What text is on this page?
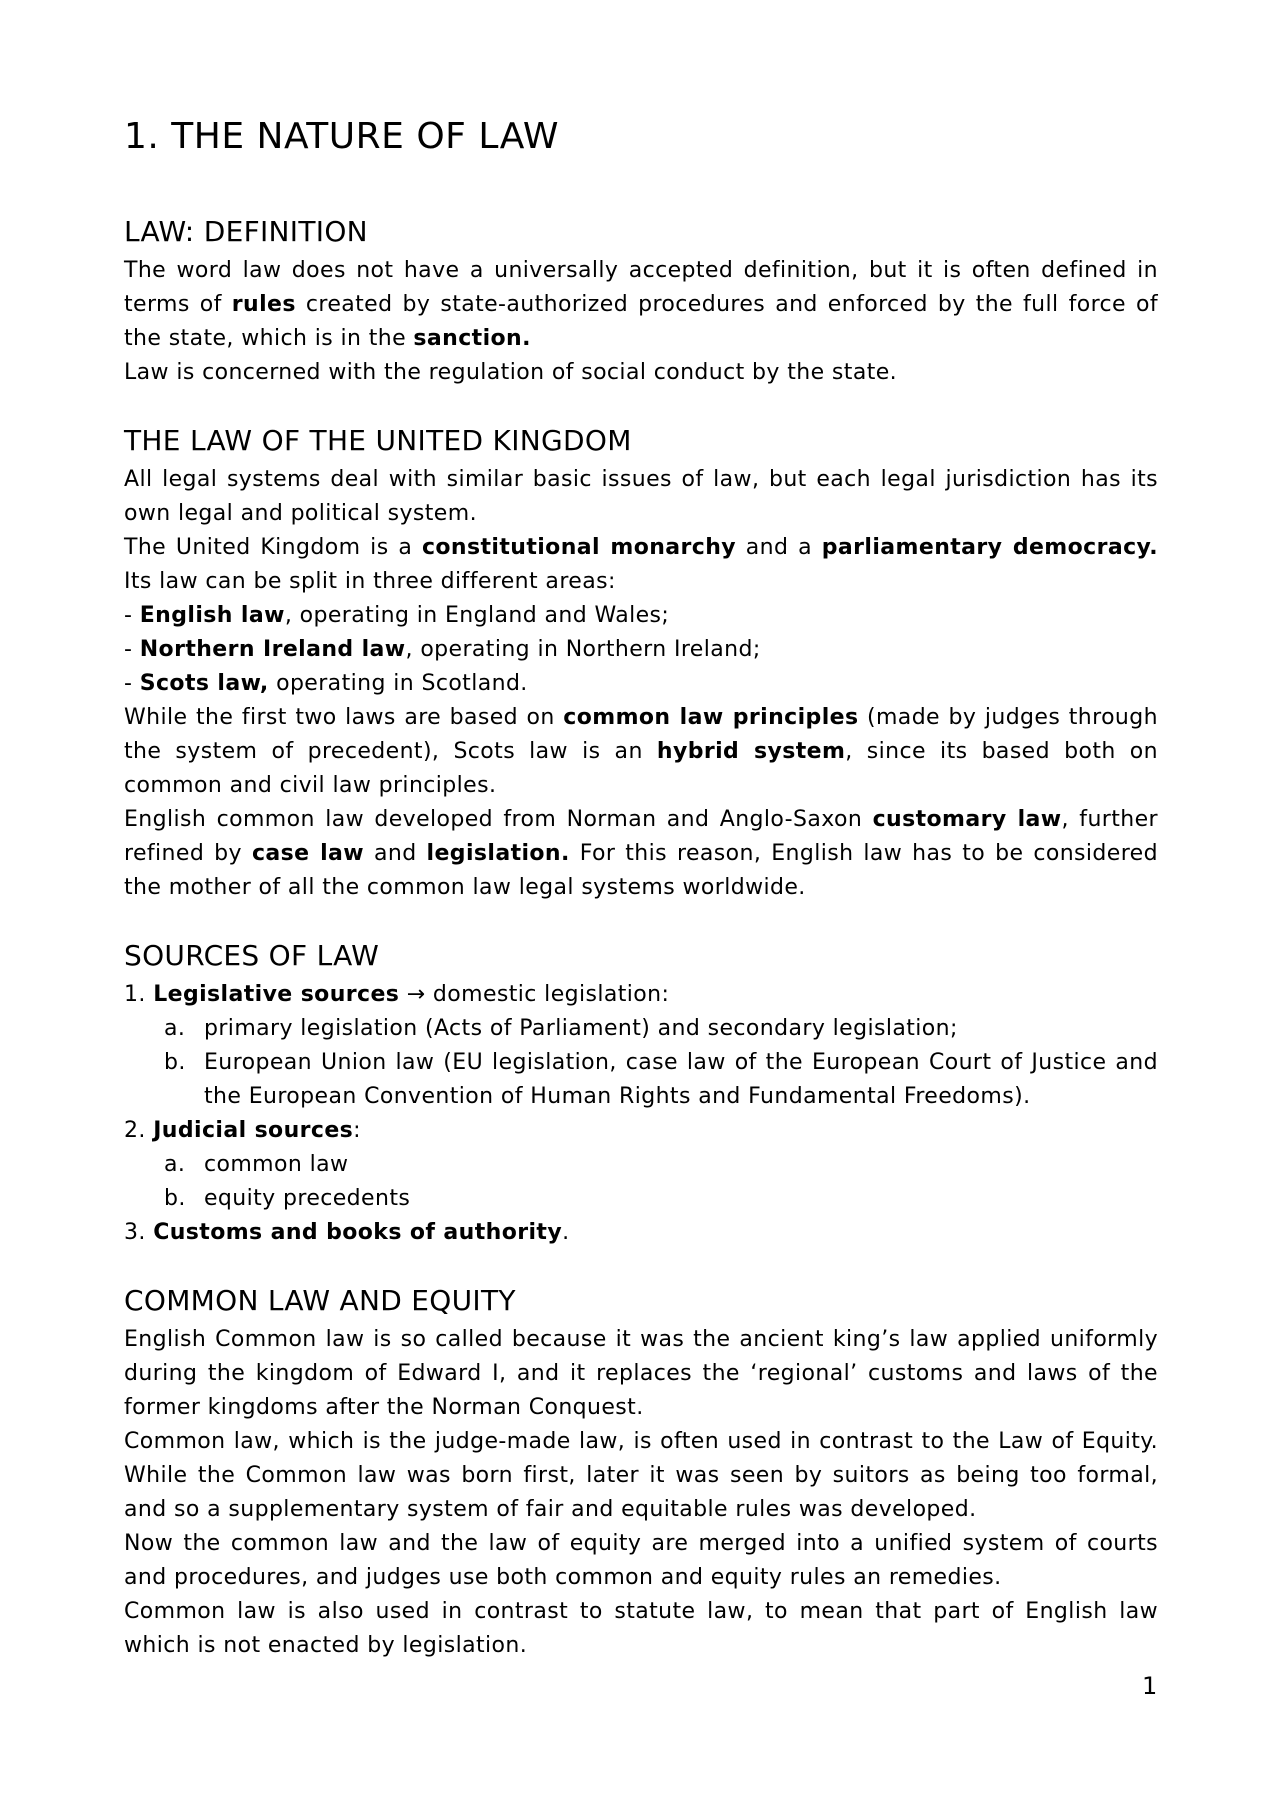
1. THE NATURE OF LAW
LAW: DEFINITION

The word law does not have a universally accepted definition, but it is often defined in terms of rules created by state-authorized procedures and enforced by the full force of the state, which is in the sanction.

Law is concerned with the regulation of social conduct by the state.

THE LAW OF THE UNITED KINGDOM

All legal systems deal with similar basic issues of law, but each legal jurisdiction has its own legal and political system.

The United Kingdom is a constitutional monarchy and a parliamentary democracy. Its law can be split in three different areas:

- English law, operating in England and Wales;
- Northern Ireland law, operating in Northern Ireland;
- Scots law, operating in Scotland.

While the first two laws are based on common law principles (made by judges through the system of precedent), Scots law is an hybrid system, since its based both on common and civil law principles.

English common law developed from Norman and Anglo-Saxon customary law, further refined by case law and legislation. For this reason, English law has to be considered the mother of all the common law legal systems worldwide.

SOURCES OF LAW
1. Legislative sources → domestic legislation:
a. primary legislation (Acts of Parliament) and secondary legislation;
b. European Union law (EU legislation, case law of the European Court of Justice and the European Convention of Human Rights and Fundamental Freedoms).
2. Judicial sources:
a. common law
b. equity precedents
3. Customs and books of authority.
COMMON LAW AND EQUITY

English Common law is so called because it was the ancient king’s law applied uniformly during the kingdom of Edward I, and it replaces the ‘regional’ customs and laws of the former kingdoms after the Norman Conquest.

Common law, which is the judge-made law, is often used in contrast to the Law of Equity. While the Common law was born first, later it was seen by suitors as being too formal, and so a supplementary system of fair and equitable rules was developed.

Now the common law and the law of equity are merged into a unified system of courts and procedures, and judges use both common and equity rules an remedies.

Common law is also used in contrast to statute law, to mean that part of English law which is not enacted by legislation.

1
